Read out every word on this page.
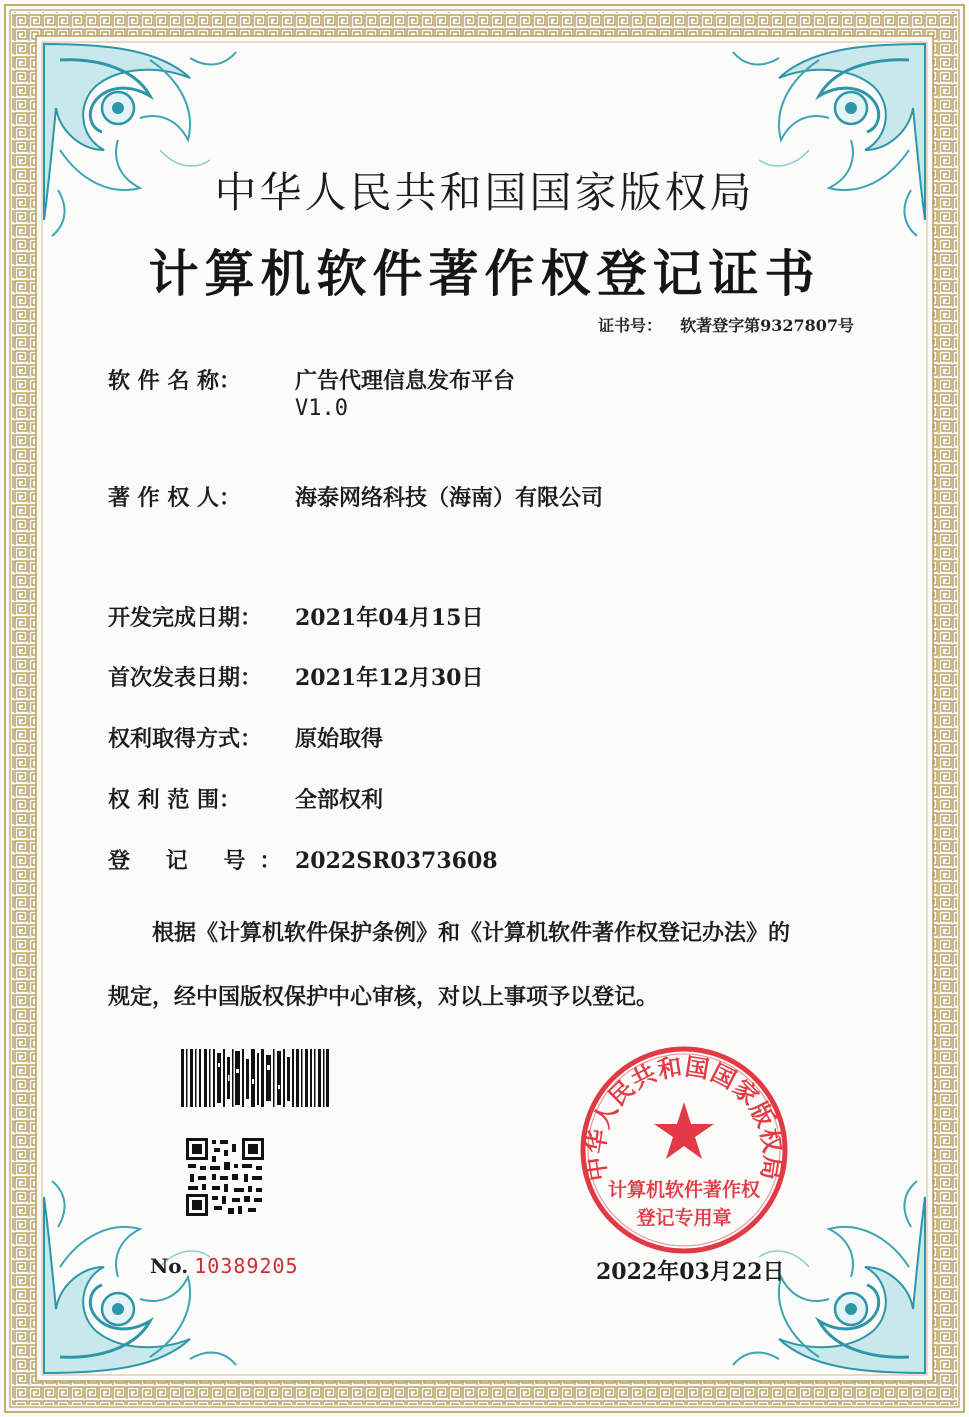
中华人民共和国国家版权局
计算机软件著作权登记证书
证书号： 软著登字第9327807号
软 件 名 称： 广告代理信息发布平台
V1.0
著 作 权 人： 海泰网络科技（海南）有限公司
开发完成日期： 2021年04月15日
首次发表日期： 2021年12月30日
权利取得方式： 原始取得
权 利 范 围： 全部权利
登 记 号： 2022SR0373608
根据《计算机软件保护条例》和《计算机软件著作权登记办法》的
规定，经中国版权保护中心审核，对以上事项予以登记。
No. 10389205
中华人民共和国国家版权局
计算机软件著作权
登记专用章
2022年03月22日
